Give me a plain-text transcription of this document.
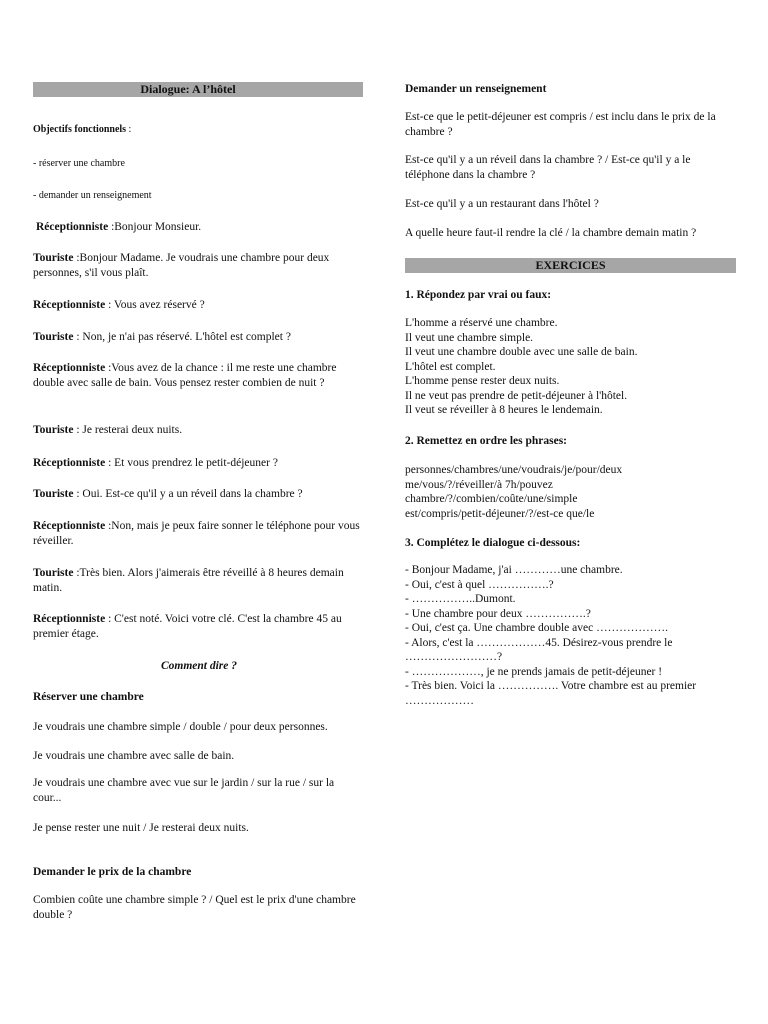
Dialogue: A l’hôtel

Objectifs fonctionnels :

- réserver une chambre

- demander un renseignement

Réceptionniste :Bonjour Monsieur.

Touriste :Bonjour Madame. Je voudrais une chambre pour deux personnes, s'il vous plaît.

Réceptionniste : Vous avez réservé ?

Touriste : Non, je n'ai pas réservé. L'hôtel est complet ?

Réceptionniste :Vous avez de la chance : il me reste une chambre double avec salle de bain. Vous pensez rester combien de nuit ?

Touriste : Je resterai deux nuits.

Réceptionniste : Et vous prendrez le petit-déjeuner ?

Touriste : Oui. Est-ce qu'il y a un réveil dans la chambre ?

Réceptionniste :Non, mais je peux faire sonner le téléphone pour vous réveiller.

Touriste :Très bien. Alors j'aimerais être réveillé à 8 heures demain matin.

Réceptionniste : C'est noté. Voici votre clé. C'est la chambre 45 au premier étage.

Comment dire ?

Réserver une chambre

Je voudrais une chambre simple / double / pour deux personnes.

Je voudrais une chambre avec salle de bain.

Je voudrais une chambre avec vue sur le jardin / sur la rue / sur la cour...

Je pense rester une nuit / Je resterai deux nuits.

Demander le prix de la chambre

Combien coûte une chambre simple ? / Quel est le prix d'une chambre double ?

Demander un renseignement

Est-ce que le petit-déjeuner est compris / est inclu dans le prix de la chambre ?

Est-ce qu'il y a un réveil dans la chambre ? / Est-ce qu'il y a le téléphone dans la chambre ?

Est-ce qu'il y a un restaurant dans l'hôtel ?

A quelle heure faut-il rendre la clé / la chambre demain matin ?

EXERCICES

1. Répondez par vrai ou faux:

L'homme a réservé une chambre.
Il veut une chambre simple.
Il veut une chambre double avec une salle de bain.
L'hôtel est complet.
L'homme pense rester deux nuits.
Il ne veut pas prendre de petit-déjeuner à l'hôtel.
Il veut se réveiller à 8 heures le lendemain.

2. Remettez en ordre les phrases:

personnes/chambres/une/voudrais/je/pour/deux
me/vous/?/réveiller/à 7h/pouvez
chambre/?/combien/coûte/une/simple
est/compris/petit-déjeuner/?/est-ce que/le

3. Complétez le dialogue ci-dessous:

- Bonjour Madame, j'ai …………une chambre.
- Oui, c'est à quel …………….?
- ……………..Dumont.
- Une chambre pour deux …………….?
- Oui, c'est ça. Une chambre double avec ……………….
- Alors, c'est la ………………45. Désirez-vous prendre le ……………………?
- ………………, je ne prends jamais de petit-déjeuner !
- Très bien. Voici la ……………. Votre chambre est au premier ………………
